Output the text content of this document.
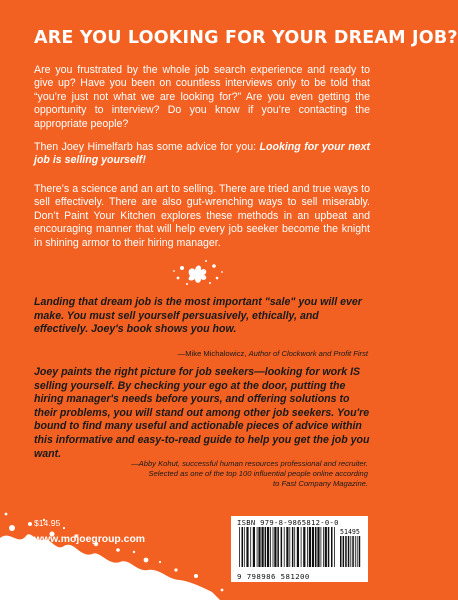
ARE YOU LOOKING FOR YOUR DREAM JOB?
Are you frustrated by the whole job search experience and ready to give up? Have you been on countless interviews only to be told that “you’re just not what we are looking for?” Are you even getting the opportunity to interview? Do you know if you’re contacting the appropriate people?
Then Joey Himelfarb has some advice for you: Looking for your next job is selling yourself!
There’s a science and an art to selling. There are tried and true ways to sell effectively. There are also gut-wrenching ways to sell miserably. Don’t Paint Your Kitchen explores these methods in an upbeat and encouraging manner that will help every job seeker become the knight in shining armor to their hiring manager.
Landing that dream job is the most important "sale" you will ever make. You must sell yourself persuasively, ethically, and effectively. Joey's book shows you how.
—Mike Michalowicz, Author of Clockwork and Profit First
Joey paints the right picture for job seekers—looking for work IS selling yourself. By checking your ego at the door, putting the hiring manager's needs before yours, and offering solutions to their problems, you will stand out among other job seekers. You're bound to find many useful and actionable pieces of advice within this informative and easy-to-read guide to help you get the job you want.
—Abby Kohut, successful human resources professional and recruiter.
Selected as one of the top 100 influential people online according
to Fast Company Magazine.
$14.95
www.mojoegroup.com
ISBN 979-8-9865812-0-0
51495
9 798986 581200
